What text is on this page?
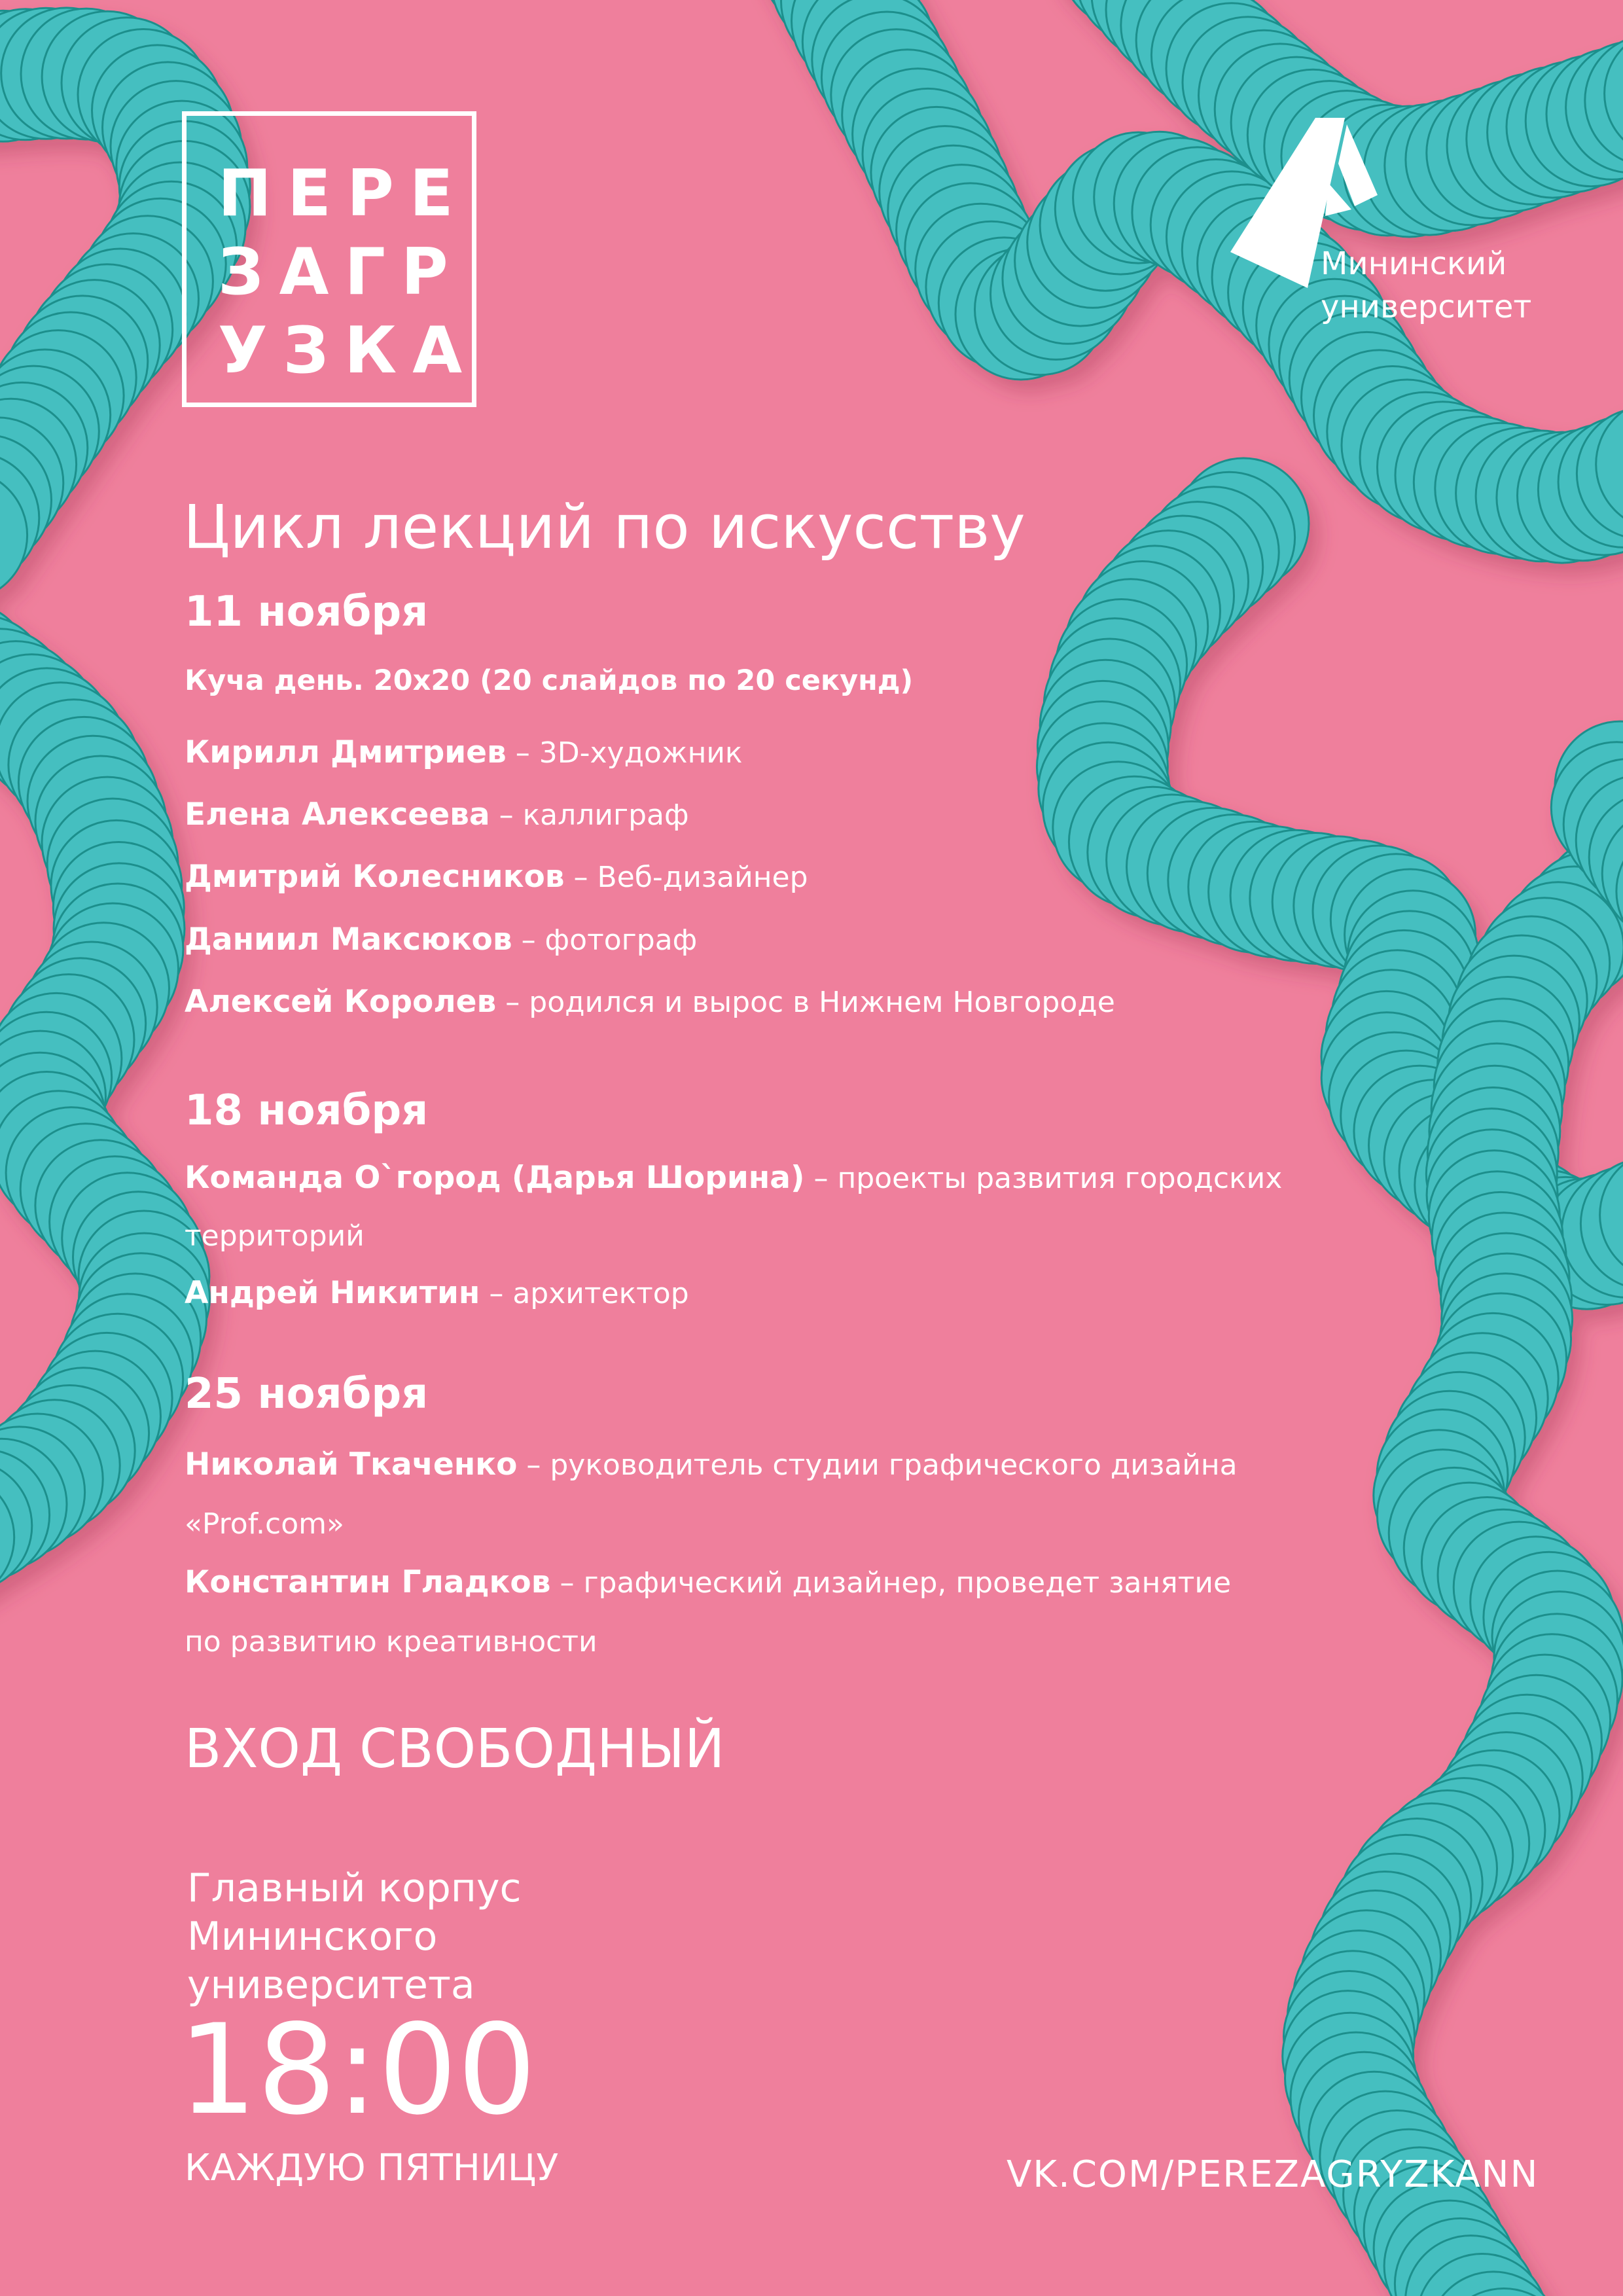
ПЕРЕ
ЗАГР
УЗКА
Мининский
университет
Цикл лекций по искусству
11 ноября
Куча день. 20х20 (20 слайдов по 20 секунд)
Кирилл Дмитриев – 3D-художник
Елена Алексеева – каллиграф
Дмитрий Колесников – Веб-дизайнер
Даниил Максюков – фотограф
Алексей Королев – родился и вырос в Нижнем Новгороде
18 ноября
Команда О`город (Дарья Шорина) – проекты развития городских
территорий
Андрей Никитин – архитектор
25 ноября
Николай Ткаченко – руководитель студии графического дизайна
«Prof.com»
Константин Гладков – графический дизайнер, проведет занятие
по развитию креативности
ВХОД СВОБОДНЫЙ
Главный корпус
Мининского
университета
18:00
КАЖДУЮ ПЯТНИЦУ	VK.COM/PEREZAGRYZKANN
